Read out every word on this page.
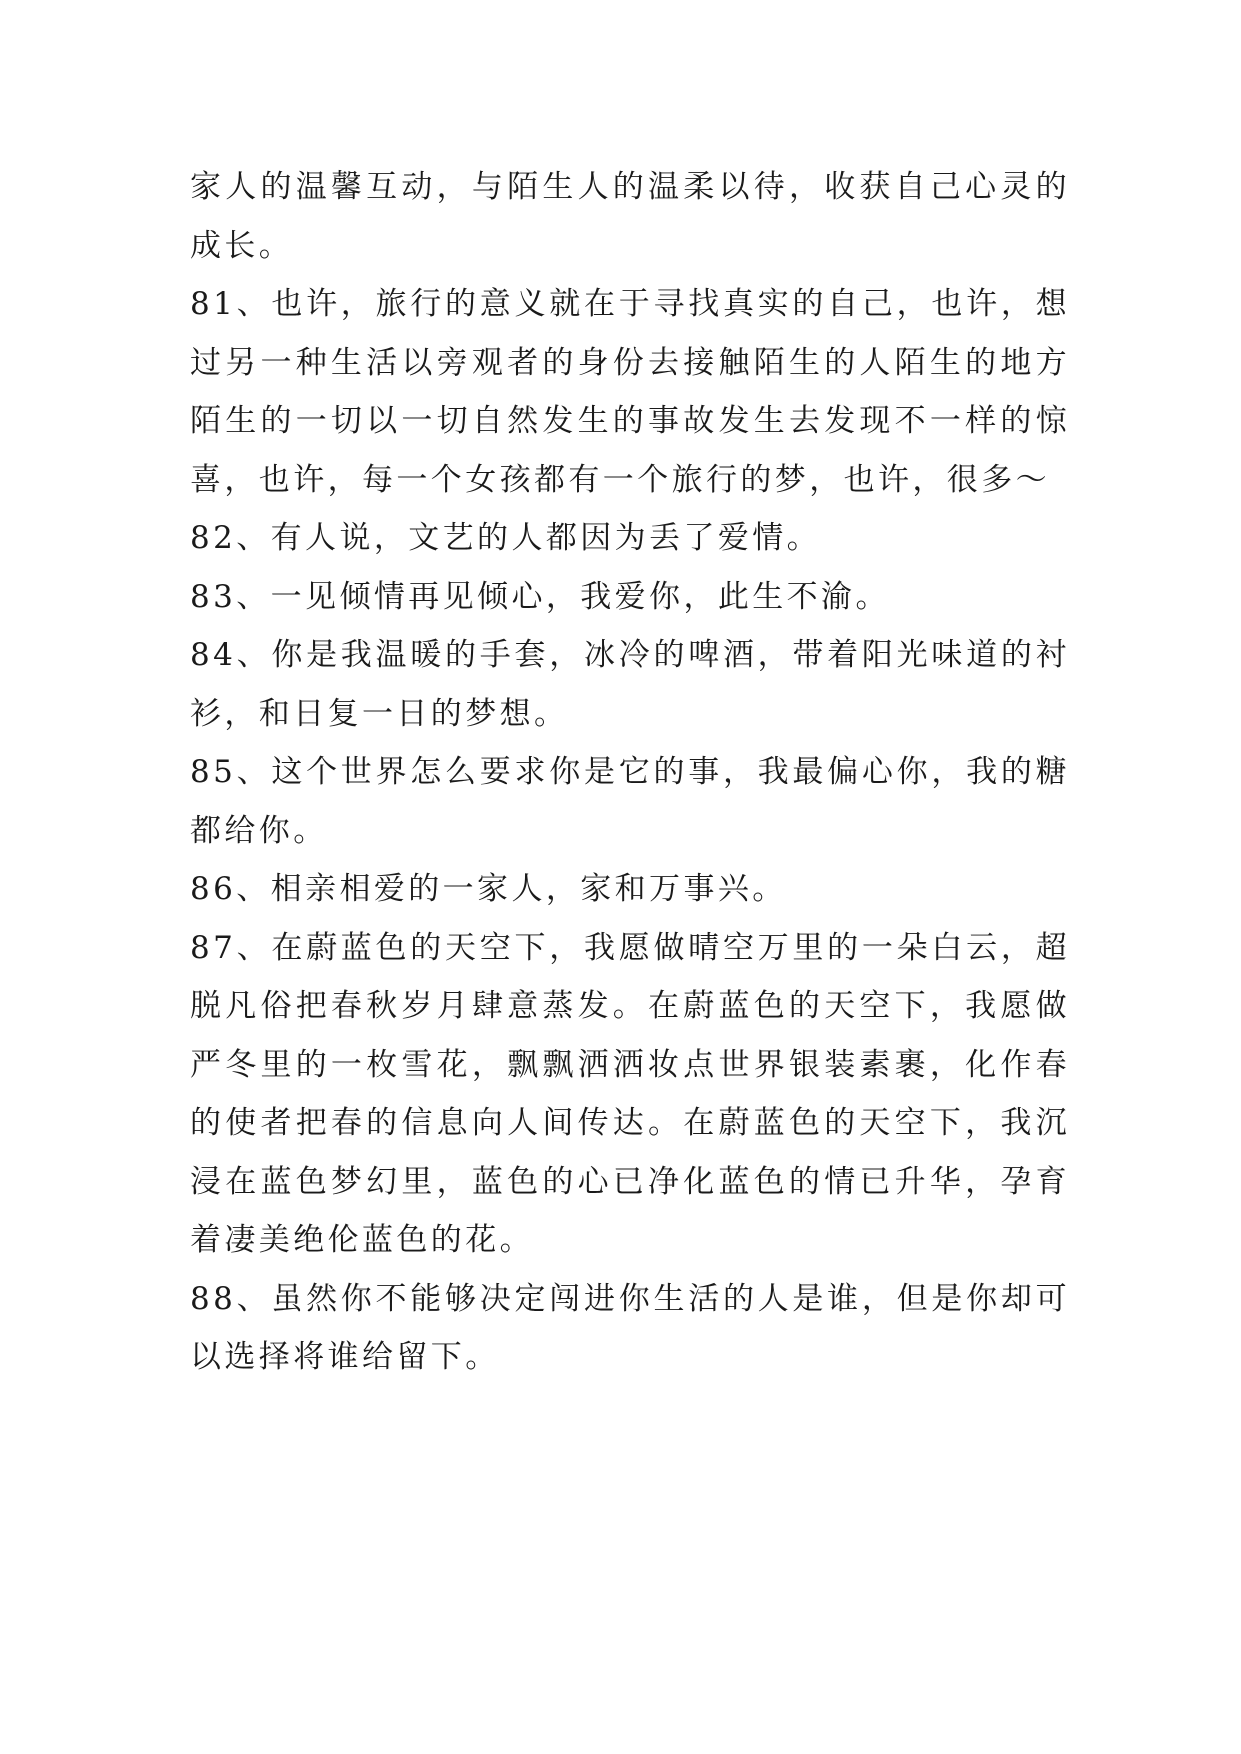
家人的温馨互动，与陌生人的温柔以待，收获自己心灵的成长。

81、也许，旅行的意义就在于寻找真实的自己，也许，想过另一种生活以旁观者的身份去接触陌生的人陌生的地方陌生的一切以一切自然发生的事故发生去发现不一样的惊喜，也许，每一个女孩都有一个旅行的梦，也许，很多～

82、有人说，文艺的人都因为丢了爱情。

83、一见倾情再见倾心，我爱你，此生不渝。

84、你是我温暖的手套，冰冷的啤酒，带着阳光味道的衬衫，和日复一日的梦想。

85、这个世界怎么要求你是它的事，我最偏心你，我的糖都给你。

86、相亲相爱的一家人，家和万事兴。

87、在蔚蓝色的天空下，我愿做晴空万里的一朵白云，超脱凡俗把春秋岁月肆意蒸发。在蔚蓝色的天空下，我愿做严冬里的一枚雪花，飘飘洒洒妆点世界银装素裹，化作春的使者把春的信息向人间传达。在蔚蓝色的天空下，我沉浸在蓝色梦幻里，蓝色的心已净化蓝色的情已升华，孕育着凄美绝伦蓝色的花。

88、虽然你不能够决定闯进你生活的人是谁，但是你却可以选择将谁给留下。
